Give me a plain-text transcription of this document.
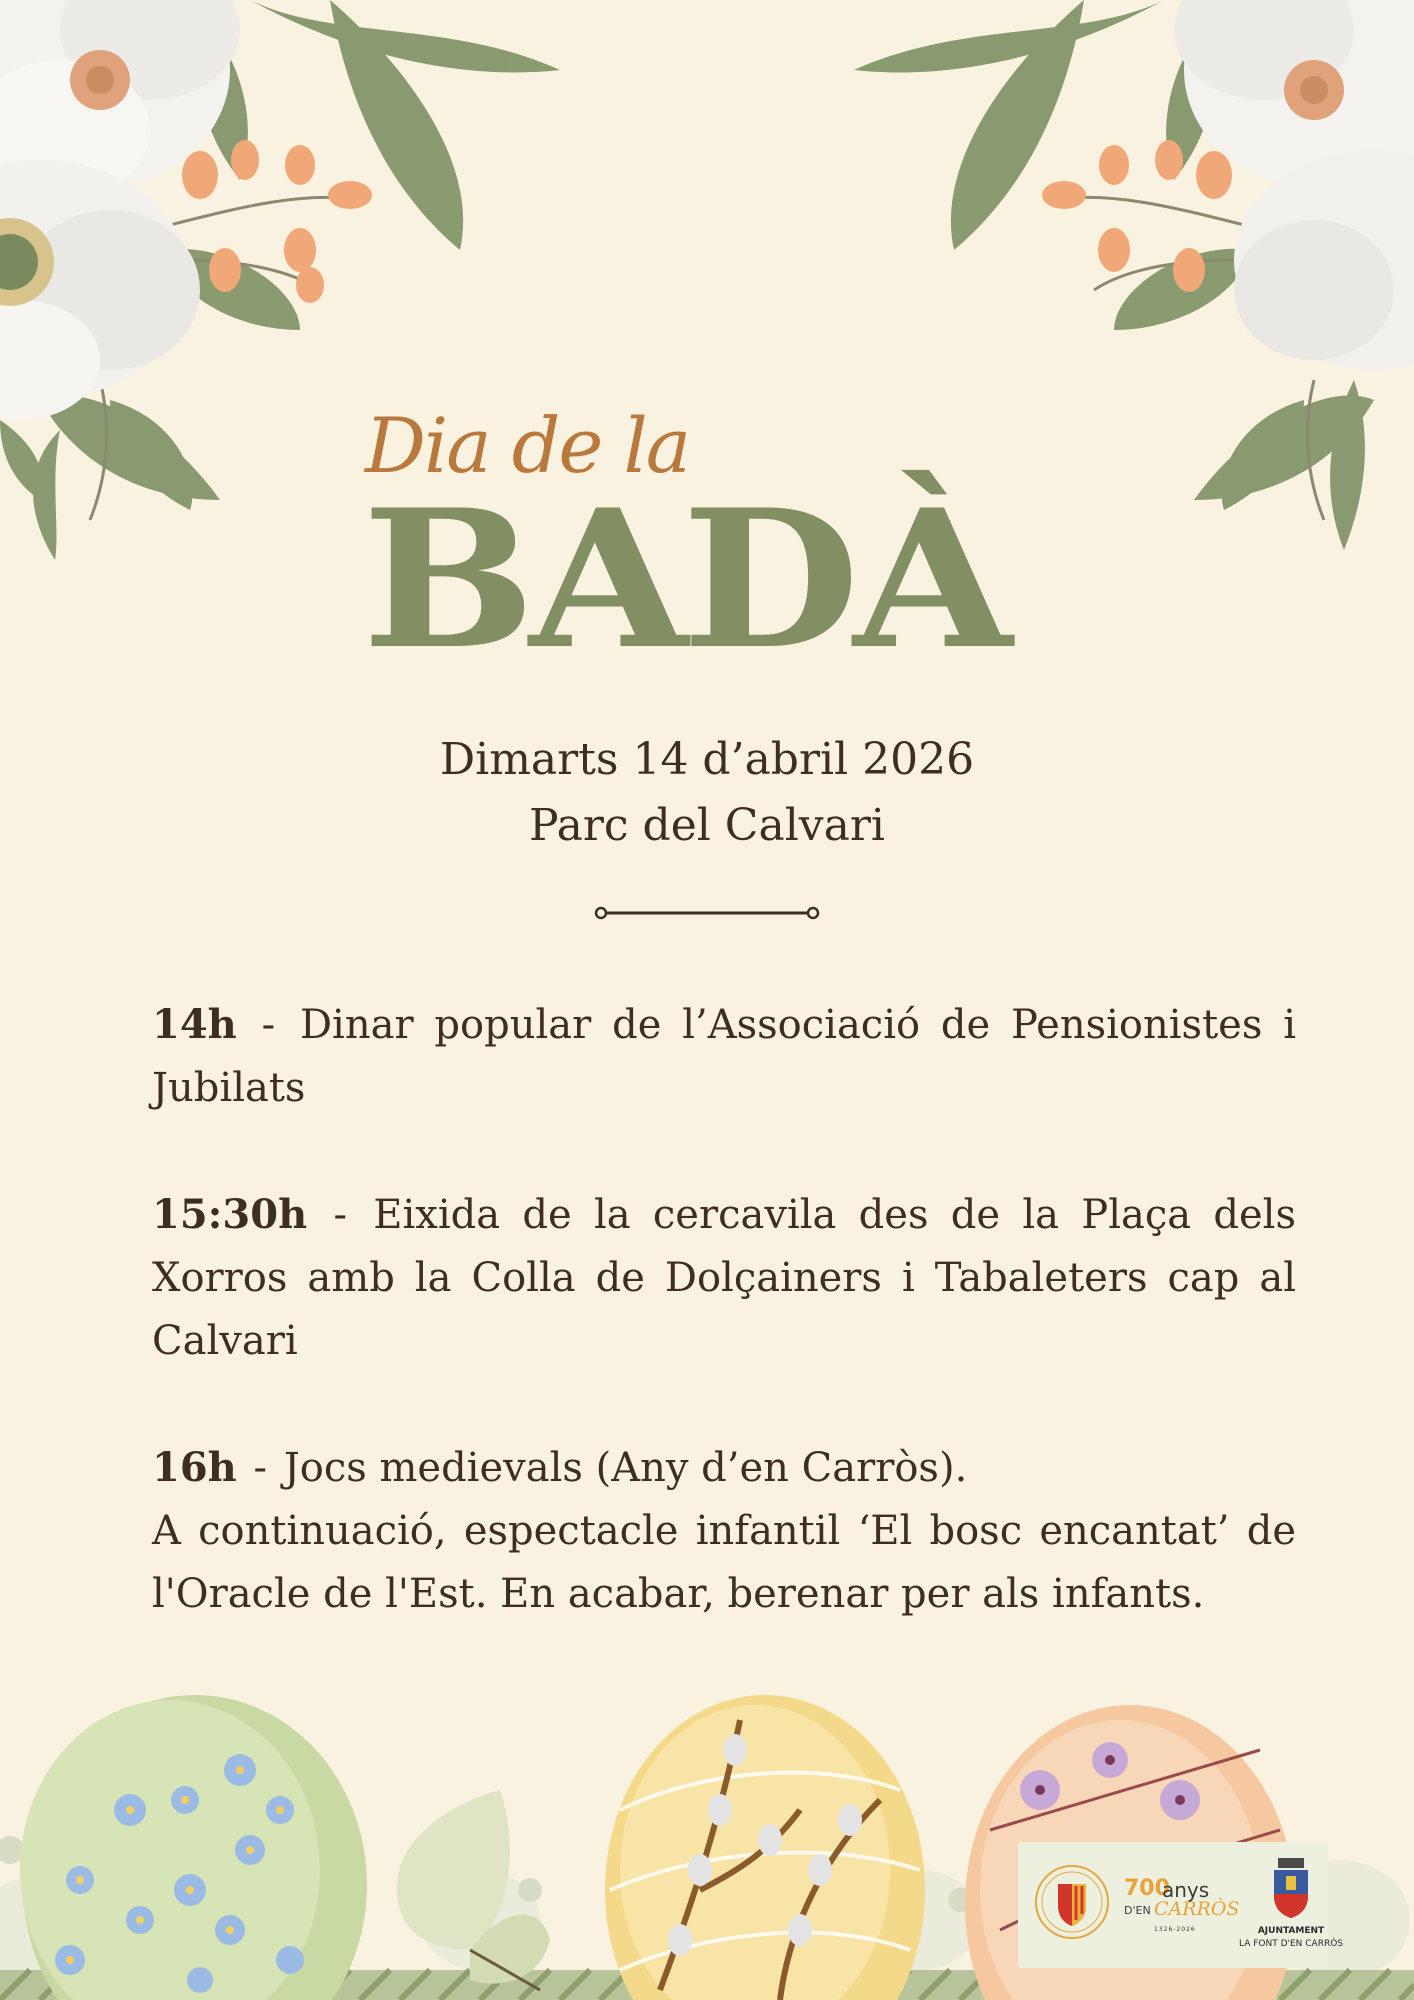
Dia de la

BADÀ

Dimarts 14 d’abril 2026

Parc del Calvari

14h - Dinar popular de l’Associació de Pensionistes i Jubilats

15:30h - Eixida de la cercavila des de la Plaça dels Xorros amb la Colla de Dolçainers i Tabaleters cap al Calvari

16h - Jocs medievals (Any d’en Carròs).
A continuació, espectacle infantil ‘El bosc encantat’ de l'Oracle de l'Est. En acabar, berenar per als infants.

700
anys
D'EN CARRÒS
1326-2026	AJUNTAMENT
LA FONT D'EN CARRÒS
